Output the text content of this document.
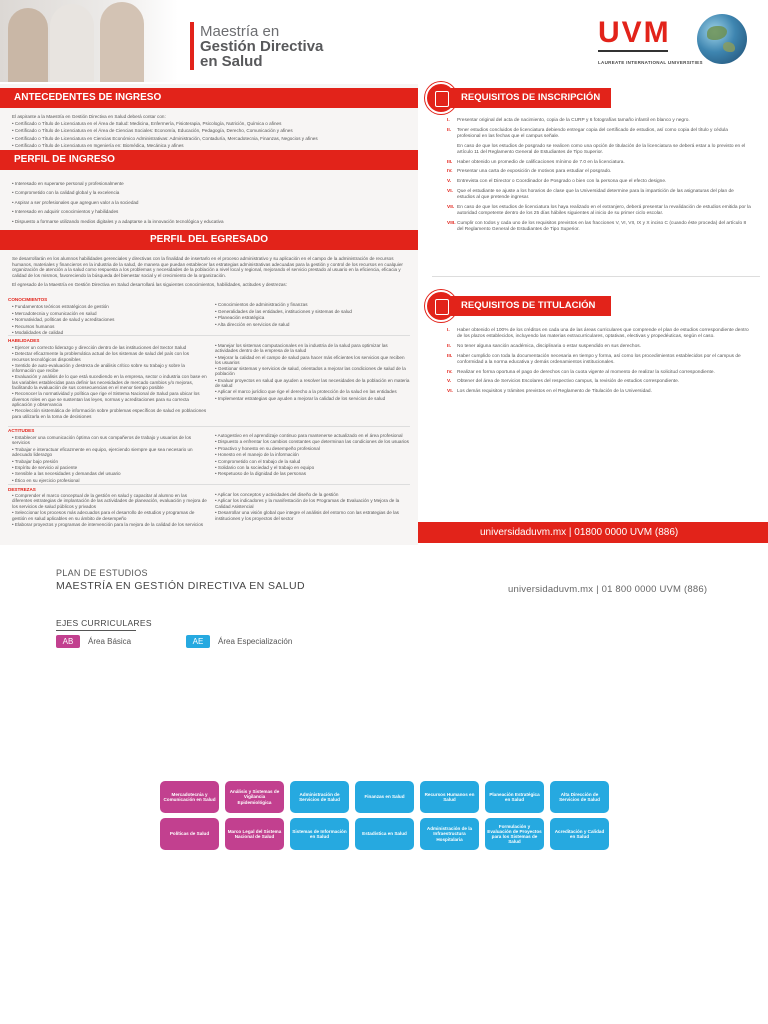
Maestría en
Gestión Directiva
en Salud
UVM
LAUREATE INTERNATIONAL UNIVERSITIES
ANTECEDENTES DE INGRESO

El aspirante a la Maestría en Gestión Directiva en Salud deberá contar con:

• Certificado o Título de Licenciatura en el Área de Salud: Medicina, Enfermería, Fisioterapia, Psicología, Nutrición, Química o afines

• Certificado o Título de Licenciatura en el Área de Ciencias Sociales: Economía, Educación, Pedagogía, Derecho, Comunicación y afines

• Certificado o Título de Licenciatura en Ciencias Económico Administrativas: Administración, Contaduría, Mercadotecnia, Finanzas, Negocios y afines

• Certificado o Título de Licenciatura en Ingeniería en: Biomédica, Mecánica y afines

PERFIL DE INGRESO

• Interesado en superarse personal y profesionalmente

• Comprometido con la calidad global y la excelencia

• Aspirar a ser profesionales que agreguen valor a la sociedad

• Interesado en adquirir conocimientos y habilidades

• Dispuesto a formarse utilizando medios digitales y a adaptarse a la innovación tecnológica y educativa

PERFIL DEL EGRESADO

Se desarrollarán en los alumnos habilidades gerenciales y directivas con la finalidad de insertarlo en el proceso administrativo y su aplicación en el campo de la administración de recursos humanos, materiales y financieros en la industria de la salud, de manera que puedan establecer las estrategias administrativas adecuadas para la gestión y control de los recursos en cualquier organización de atención a la salud como respuesta a los problemas y necesidades de la población a nivel local y regional, mejorando el servicio prestado al usuario en la eficiencia, eficacia y calidad de los mismos, favoreciendo la búsqueda del bienestar social y el crecimiento de la organización.

El egresado de la Maestría en Gestión Directiva en Salud desarrollará las siguientes conocimientos, habilidades, actitudes y destrezas:

CONOCIMIENTOS

• Fundamentos teóricos estratégicos de gestión

• Mercadotecnia y comunicación en salud

• Normatividad, políticas de salud y acreditaciones

• Recursos humanos

• Modalidades de calidad

• Conocimientos de administración y finanzas

• Generalidades de las entidades, instituciones y sistemas de salud

• Planeación estratégica

• Alta dirección en servicios de salud

HABILIDADES

• Ejercer un correcto liderazgo y dirección dentro de las instituciones del Sector Salud

• Detectar eficazmente la problemática actual de los sistemas de salud del país con los recursos tecnológicos disponibles

• Sentido de auto-evaluación y destreza de análisis crítico sobre su trabajo y sobre la información que recibe

• Evaluación y análisis de lo que está sucediendo en la empresa, sector o industria con base en las variables establecidas para definir las necesidades de mercado cambios y/o mejoras, facilitando la evaluación de sus consecuencias en el menor tiempo posible

• Reconocer la normatividad y política que rige el Sistema Nacional de Salud para ubicar los diversos roles en que se sustentan las leyes, normas y acreditaciones para su correcta aplicación y observancia

• Recolección sistemática de información sobre problemas específicos de salud en poblaciones para utilizarla en la toma de decisiones

• Manejar los sistemas computacionales en la industria de la salud para optimizar las actividades dentro de la empresa de la salud

• Mejorar la calidad en el campo de salud para hacer más eficientes los servicios que reciben los usuarios

• Gestionar sistemas y servicios de salud, orientados a mejorar las condiciones de salud de la población

• Evaluar proyectos en salud que ayuden a resolver las necesidades de la población en materia de salud

• Aplicar el marco jurídico que rige el derecho a la protección de la salud en las entidades

• Implementar estrategias que ayuden a mejorar la calidad de los servicios de salud

ACTITUDES

• Establecer una comunicación óptima con sus compañeros de trabajo y usuarios de los servicios

• Trabajar e interactuar eficazmente en equipo, ejerciendo siempre que sea necesario un adecuado liderazgo

• Trabajar bajo presión

• Espíritu de servicio al paciente

• Sensible a las necesidades y demandas del usuario

• Ético en su ejercicio profesional

• Autogestivo en el aprendizaje continuo para mantenerse actualizado en el área profesional

• Dispuesto a enfrentar los cambios constantes que determinan las condiciones de los usuarios

• Proactivo y honesto en su desempeño profesional

• Honesto en el manejo de la información

• Comprometido con el trabajo de la salud

• Solidario con la sociedad y el trabajo en equipo

• Respetuoso de la dignidad de las personas

DESTREZAS

• Comprender el marco conceptual de la gestión en salud y capacitar al alumno en las diferentes estrategias de implantación de las actividades de planeación, evaluación y mejora de los servicios de salud públicos y privados

• Seleccionar los procesos más adecuados para el desarrollo de estudios y programas de gestión en salud aplicables en su ámbito de desempeño

• Elaborar proyectos y programas de intervención para la mejora de la calidad de los servicios

• Aplicar los conceptos y actividades del diseño de la gestión

• Aplicar los indicadores y la manifestación de los Programas de Evaluación y Mejora de la Calidad Asistencial

• Desarrollar una visión global que integre el análisis del entorno con las estrategias de las instituciones y los proyectos del sector

REQUISITOS DE INSCRIPCIÓN
I. Presentar original del acta de nacimiento, copia de la CURP y 6 fotografías tamaño infantil en blanco y negro.
II. Tener estudios concluidos de licenciatura debiendo entregar copia del certificado de estudios, así como copia del título y cédula profesional en las fechas que el campus señale.
En caso de que los estudios de posgrado se realicen como una opción de titulación de la licenciatura se deberá estar a lo previsto en el artículo 11 del Reglamento General de Estudiantes de Tipo Superior.
III. Haber obtenido un promedio de calificaciones mínimo de 7.0 en la licenciatura.
IV. Presentar una carta de exposición de motivos para estudiar el posgrado.
V. Entrevista con el Director o Coordinador de Posgrado o bien con la persona que el efecto designe.
VI. Que el estudiante se ajuste a los horarios de clase que la Universidad determine para la impartición de las asignaturas del plan de estudios al que pretende ingresar.
VII. En caso de que los estudios de licenciatura los haya realizado en el extranjero, deberá presentar la revalidación de estudios emitida por la autoridad competente dentro de los 25 días hábiles siguientes al inicio de su primer ciclo escolar.
VIII. Cumplir con todos y cada uno de los requisitos previstos en las fracciones V, VI, VII, IX y X inciso C (cuando éste proceda) del artículo 8 del Reglamento General de Estudiantes de Tipo Superior.
REQUISITOS DE TITULACIÓN
I. Haber obtenido el 100% de los créditos en cada una de las áreas curriculares que comprende el plan de estudios correspondiente dentro de los plazos establecidos, incluyendo las materias extracurriculares, optativas, electivas y propedéuticas, según el caso.
II. No tener alguna sanción académica, disciplinaria o estar suspendido en sus derechos.
III. Haber cumplido con toda la documentación necesaria en tiempo y forma, así como los procedimientos establecidos por el campus de conformidad a la norma educativa y demás ordenamientos institucionales.
IV. Realizar en forma oportuna el pago de derechos con la cuota vigente al momento de realizar la solicitud correspondiente.
V. Obtener del área de Servicios Escolares del respectivo campus, la revisión de estudios correspondiente.
VI. Los demás requisitos y trámites previstos en el Reglamento de Titulación de la Universidad.
universidaduvm.mx | 01800 0000 UVM (886)
PLAN DE ESTUDIOS
MAESTRÍA EN GESTIÓN DIRECTIVA EN SALUD	universidaduvm.mx | 01 800 0000 UVM (886)
EJES CURRICULARES
AB	Área Básica	AE	Área Especialización
Mercadotecnia y Comunicación en Salud
Análisis y Sistemas de Vigilancia Epidemiológica
Administración de Servicios de Salud
Finanzas en Salud
Recursos Humanos en Salud
Planeación Estratégica en Salud
Alta Dirección de Servicios de Salud
Políticas de Salud
Marco Legal del Sistema Nacional de Salud
Sistemas de Información en Salud
Estadística en Salud
Administración de la Infraestructura Hospitalaria
Formulación y Evaluación de Proyectos para los Sistemas de Salud
Acreditación y Calidad en Salud
